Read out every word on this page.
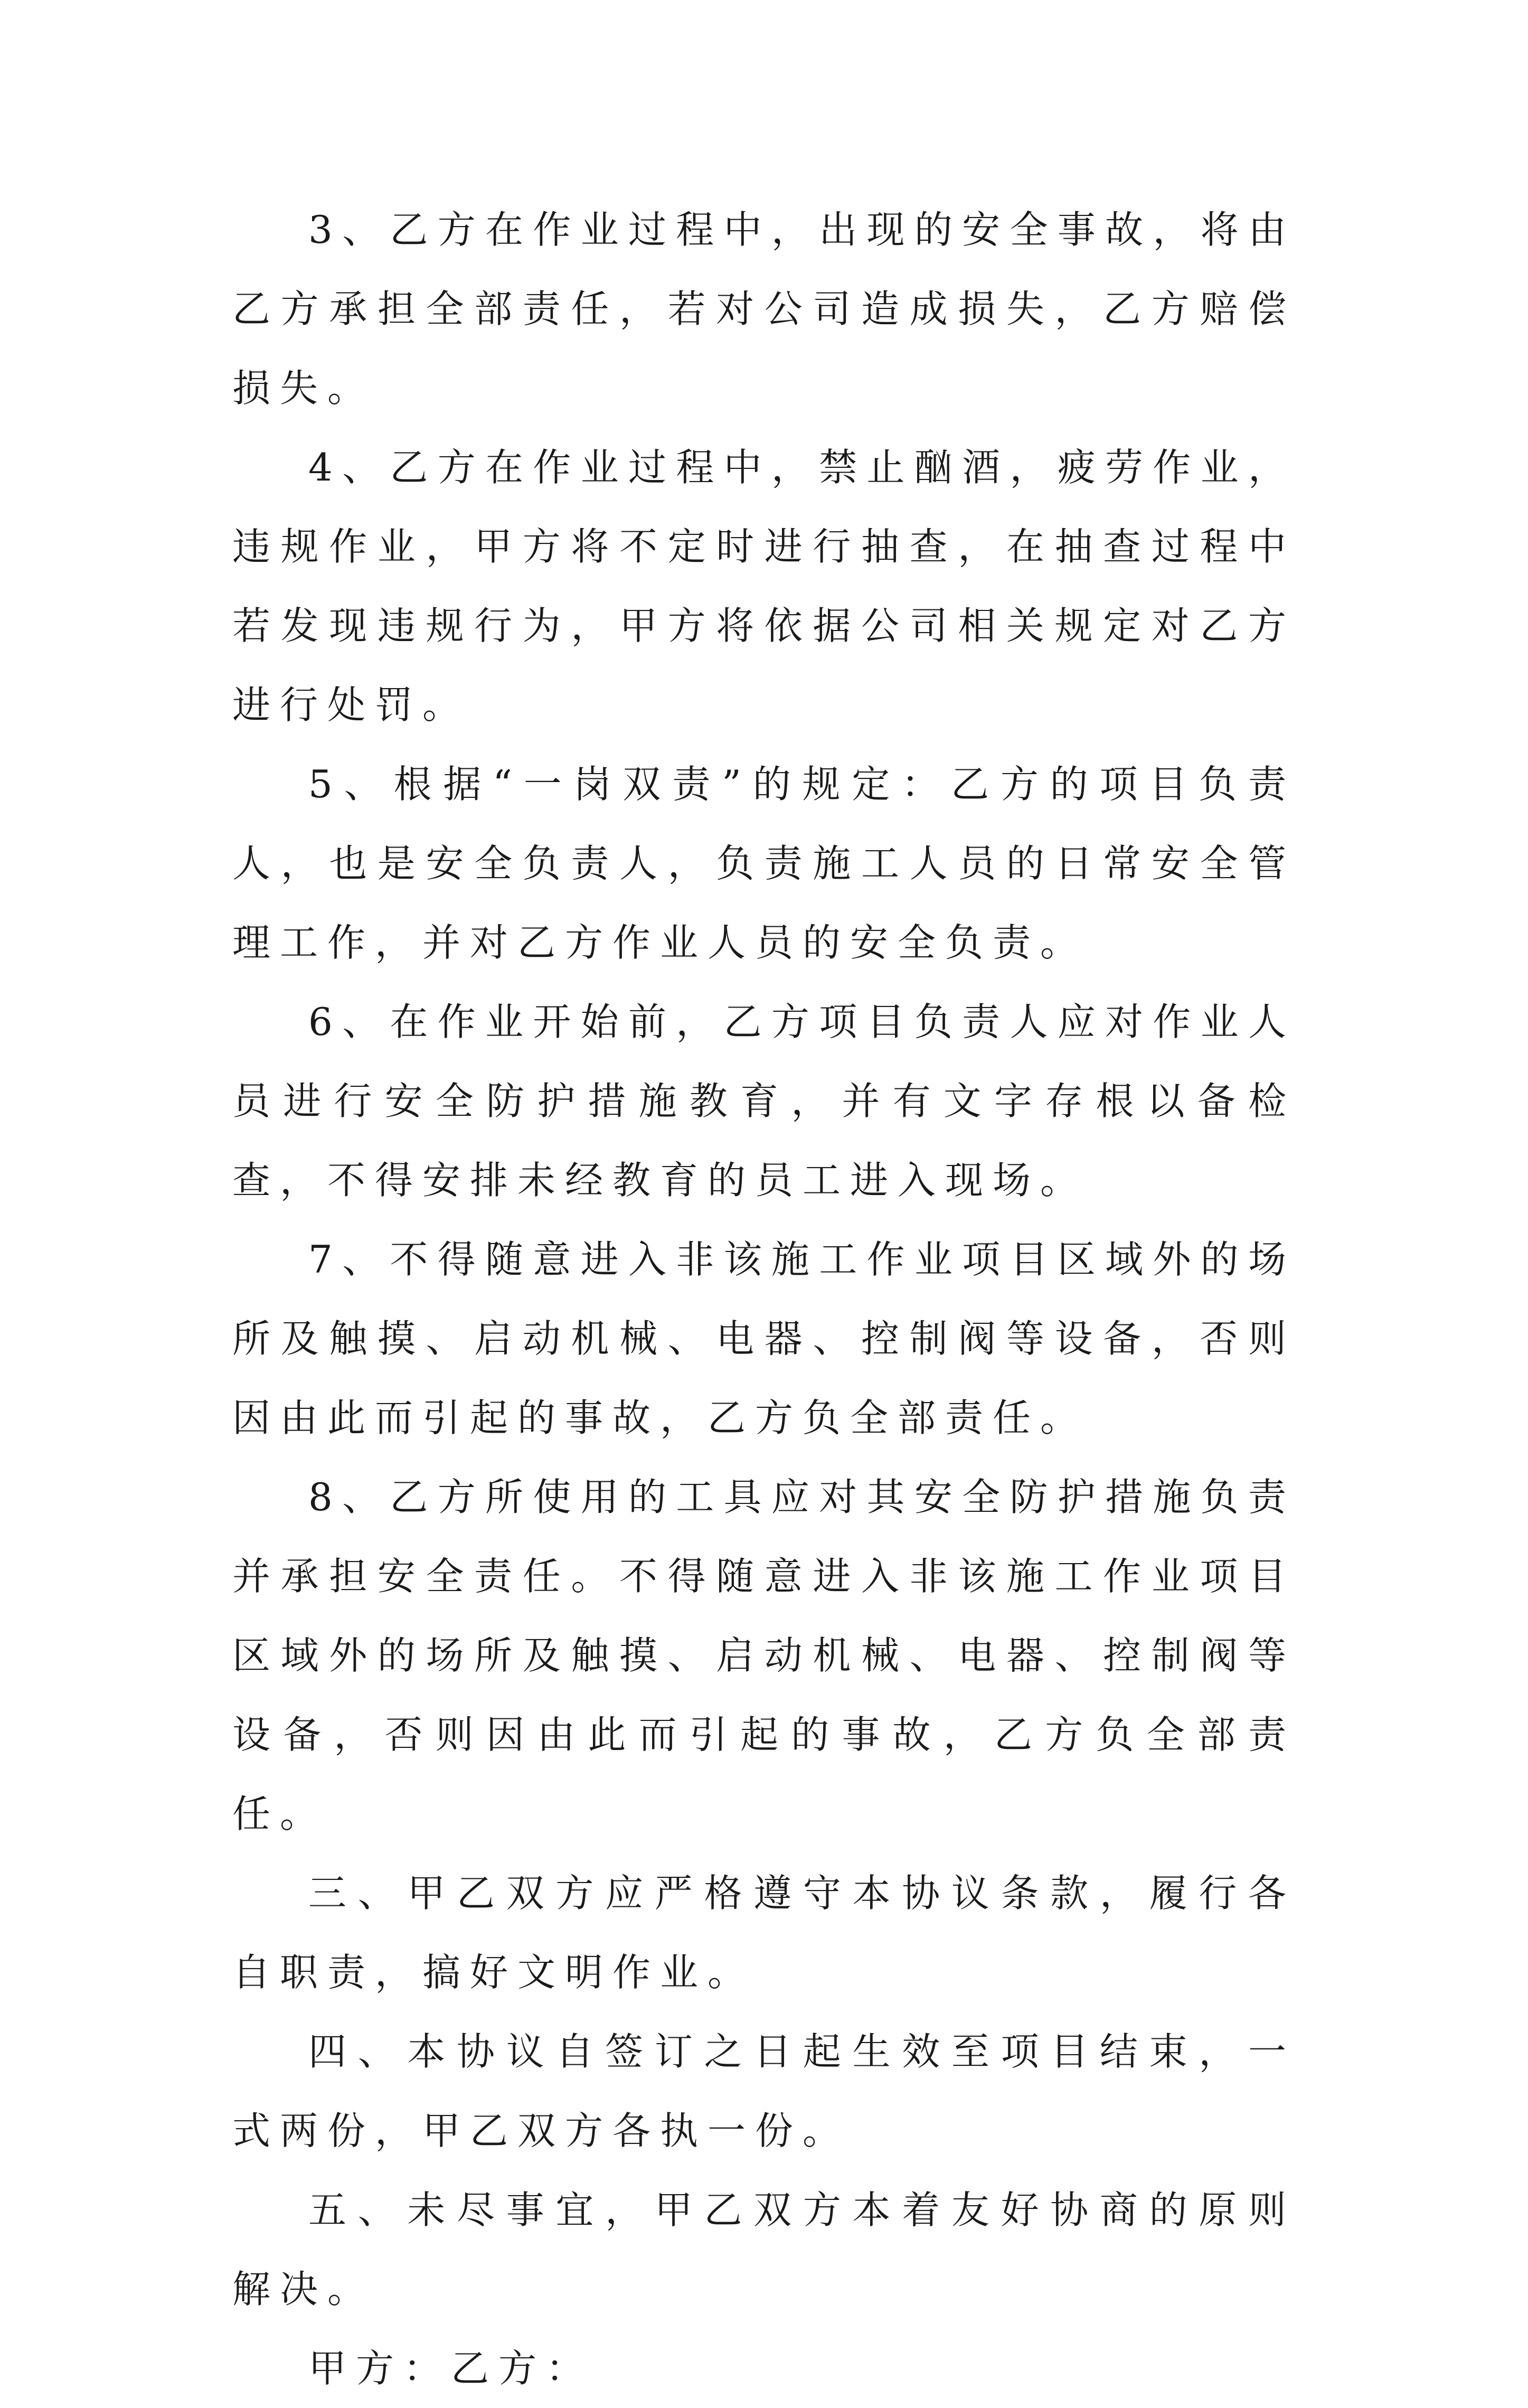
3、乙方在作业过程中，出现的安全事故，将由乙方承担全部责任，若对公司造成损失，乙方赔偿损失。

4、乙方在作业过程中，禁止酗酒，疲劳作业，违规作业，甲方将不定时进行抽查，在抽查过程中若发现违规行为，甲方将依据公司相关规定对乙方进行处罚。

5、根据“一岗双责”的规定：乙方的项目负责人，也是安全负责人，负责施工人员的日常安全管理工作，并对乙方作业人员的安全负责。

6、在作业开始前，乙方项目负责人应对作业人员进行安全防护措施教育，并有文字存根以备检查，不得安排未经教育的员工进入现场。

7、不得随意进入非该施工作业项目区域外的场所及触摸、启动机械、电器、控制阀等设备，否则因由此而引起的事故，乙方负全部责任。

8、乙方所使用的工具应对其安全防护措施负责并承担安全责任。不得随意进入非该施工作业项目区域外的场所及触摸、启动机械、电器、控制阀等设备，否则因由此而引起的事故，乙方负全部责任。

三、甲乙双方应严格遵守本协议条款，履行各自职责，搞好文明作业。

四、本协议自签订之日起生效至项目结束，一式两份，甲乙双方各执一份。

五、未尽事宜，甲乙双方本着友好协商的原则解决。

甲方：乙方：
